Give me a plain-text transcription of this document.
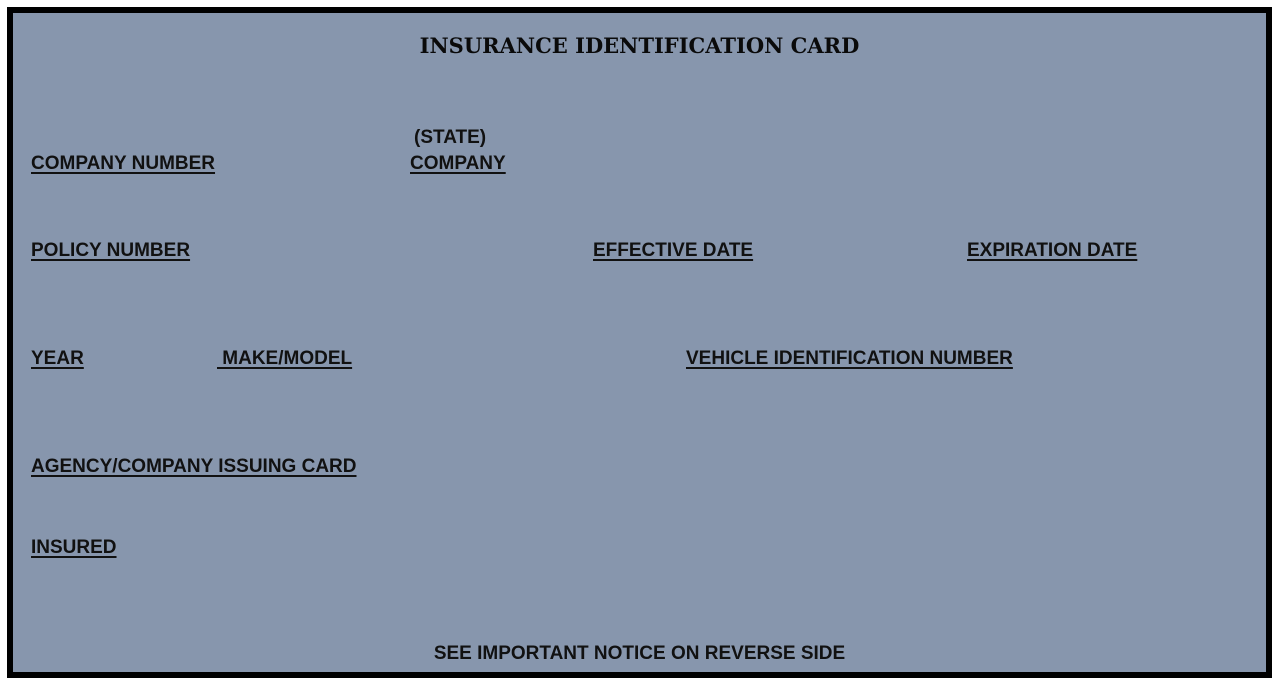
INSURANCE IDENTIFICATION CARD
COMPANY NUMBER
(STATE)
COMPANY
POLICY NUMBER	EFFECTIVE DATE	EXPIRATION DATE
YEAR	MAKE/MODEL	VEHICLE IDENTIFICATION NUMBER
AGENCY/COMPANY ISSUING CARD
INSURED
SEE IMPORTANT NOTICE ON REVERSE SIDE
